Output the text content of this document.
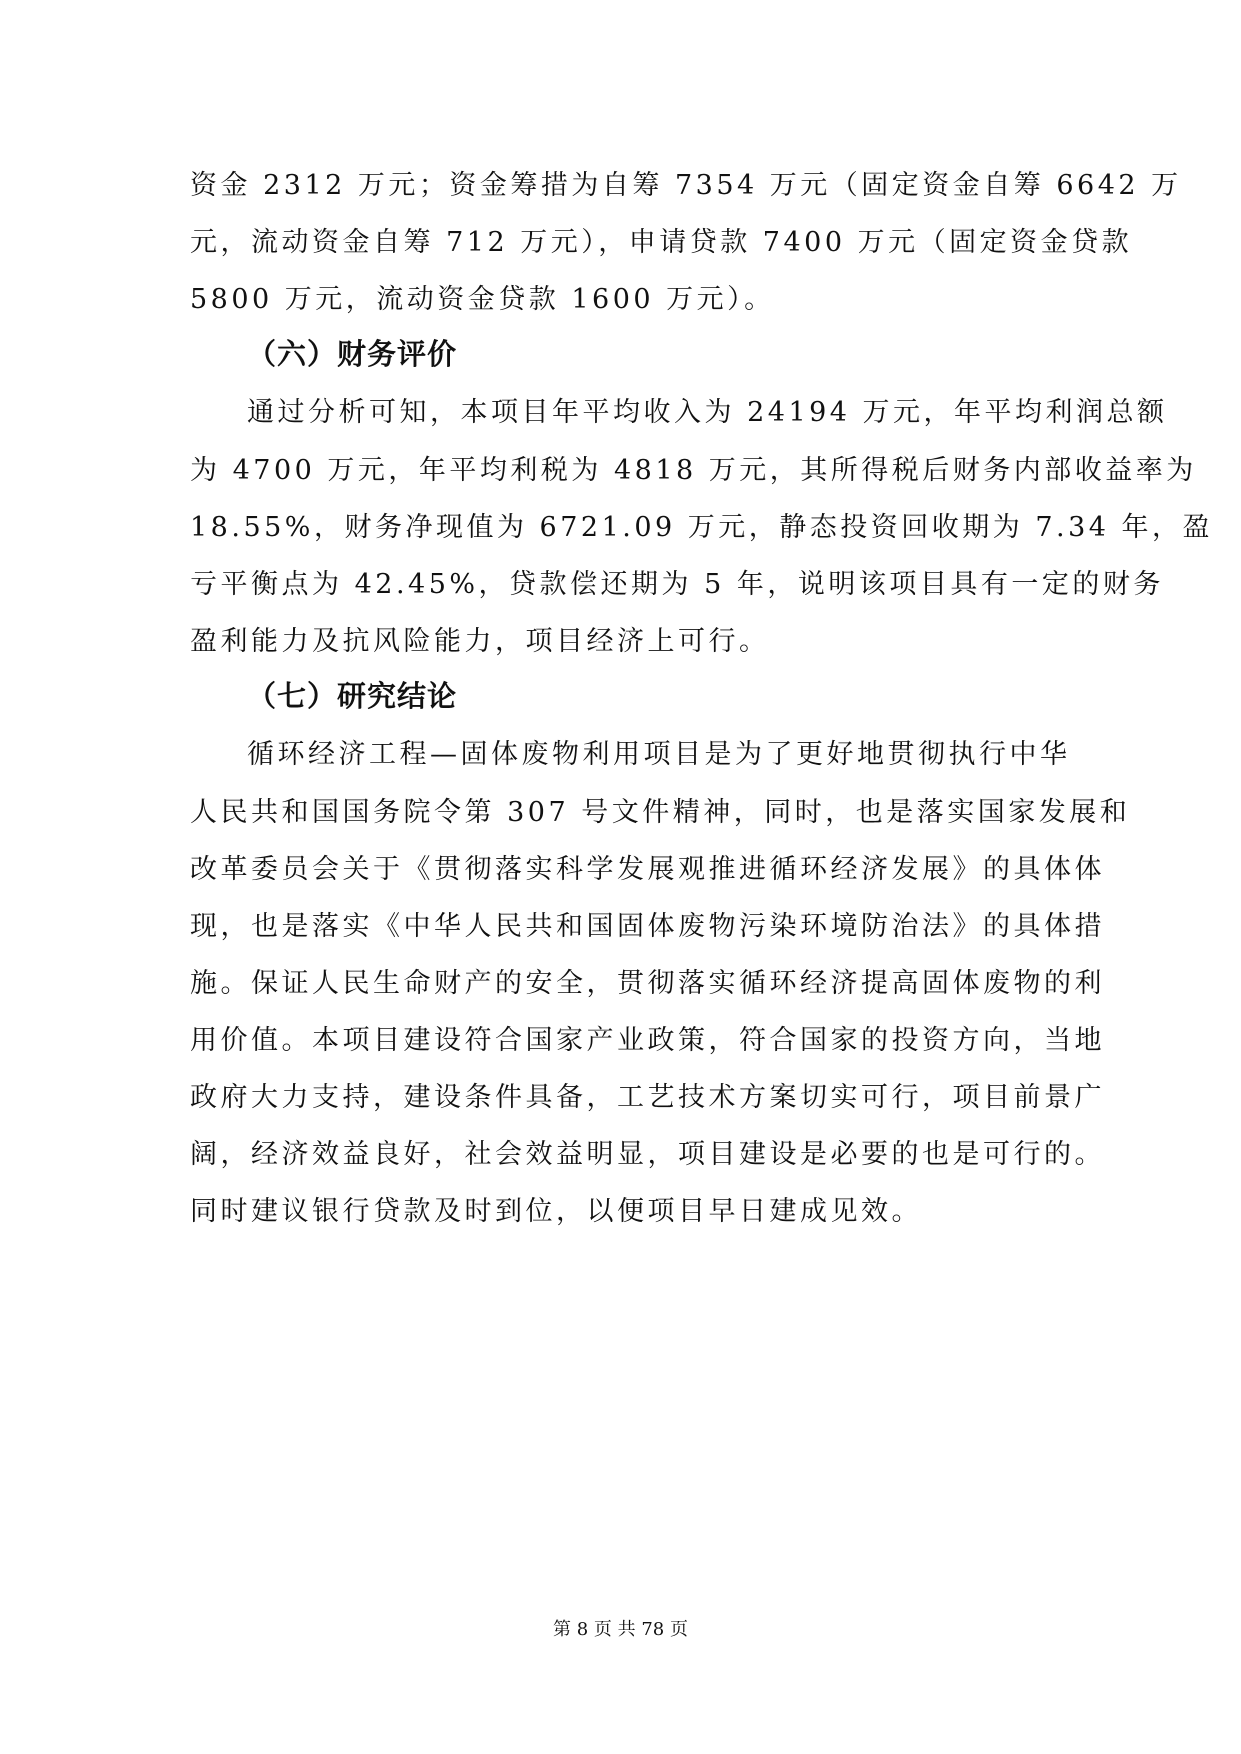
资金 2312 万元；资金筹措为自筹 7354 万元（固定资金自筹 6642 万
元，流动资金自筹 712 万元），申请贷款 7400 万元（固定资金贷款
5800 万元，流动资金贷款 1600 万元）。
（六）财务评价
通过分析可知，本项目年平均收入为 24194 万元，年平均利润总额
为 4700 万元，年平均利税为 4818 万元，其所得税后财务内部收益率为
18.55%，财务净现值为 6721.09 万元，静态投资回收期为 7.34 年，盈
亏平衡点为 42.45%，贷款偿还期为 5 年，说明该项目具有一定的财务
盈利能力及抗风险能力，项目经济上可行。
（七）研究结论
循环经济工程—固体废物利用项目是为了更好地贯彻执行中华
人民共和国国务院令第 307 号文件精神，同时，也是落实国家发展和
改革委员会关于《贯彻落实科学发展观推进循环经济发展》的具体体
现，也是落实《中华人民共和国固体废物污染环境防治法》的具体措
施。保证人民生命财产的安全，贯彻落实循环经济提高固体废物的利
用价值。本项目建设符合国家产业政策，符合国家的投资方向，当地
政府大力支持，建设条件具备，工艺技术方案切实可行，项目前景广
阔，经济效益良好，社会效益明显，项目建设是必要的也是可行的。
同时建议银行贷款及时到位，以便项目早日建成见效。
第 8 页 共 78 页
